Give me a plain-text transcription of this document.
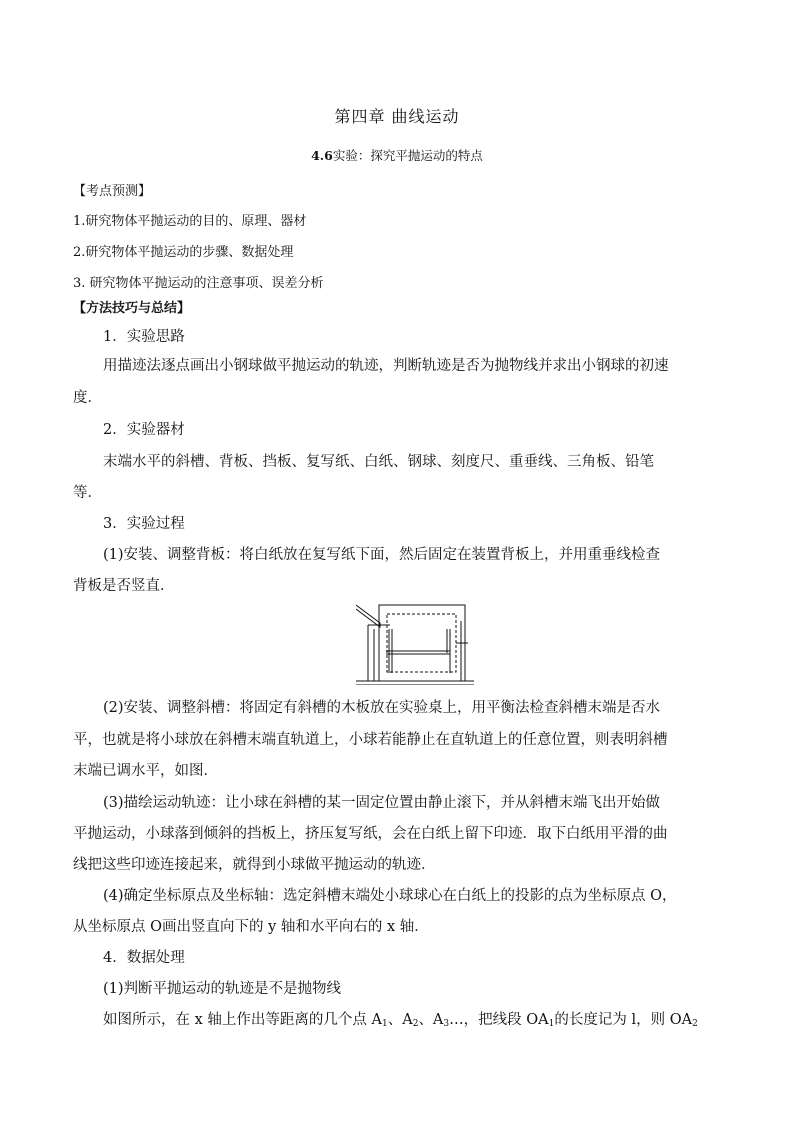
第四章 曲线运动
4.6实验：探究平抛运动的特点
【考点预测】
1.研究物体平抛运动的目的、原理、器材
2.研究物体平抛运动的步骤、数据处理
3. 研究物体平抛运动的注意事项、误差分析
【方法技巧与总结】
1．实验思路
用描迹法逐点画出小钢球做平抛运动的轨迹，判断轨迹是否为抛物线并求出小钢球的初速
度．
2．实验器材
末端水平的斜槽、背板、挡板、复写纸、白纸、钢球、刻度尺、重垂线、三角板、铅笔
等．
3．实验过程
(1)安装、调整背板：将白纸放在复写纸下面，然后固定在装置背板上，并用重垂线检查
背板是否竖直．
(2)安装、调整斜槽：将固定有斜槽的木板放在实验桌上，用平衡法检查斜槽末端是否水
平，也就是将小球放在斜槽末端直轨道上，小球若能静止在直轨道上的任意位置，则表明斜槽
末端已调水平，如图．
(3)描绘运动轨迹：让小球在斜槽的某一固定位置由静止滚下，并从斜槽末端飞出开始做
平抛运动，小球落到倾斜的挡板上，挤压复写纸，会在白纸上留下印迹．取下白纸用平滑的曲
线把这些印迹连接起来，就得到小球做平抛运动的轨迹．
(4)确定坐标原点及坐标轴：选定斜槽末端处小球球心在白纸上的投影的点为坐标原点 O，
从坐标原点 O画出竖直向下的 y 轴和水平向右的 x 轴．
4．数据处理
(1)判断平抛运动的轨迹是不是抛物线
如图所示，在 x 轴上作出等距离的几个点 $A_1$、$A_2$、$A_3\dots$，把线段 $OA_1$的长度记为 l，则 $OA_2$
